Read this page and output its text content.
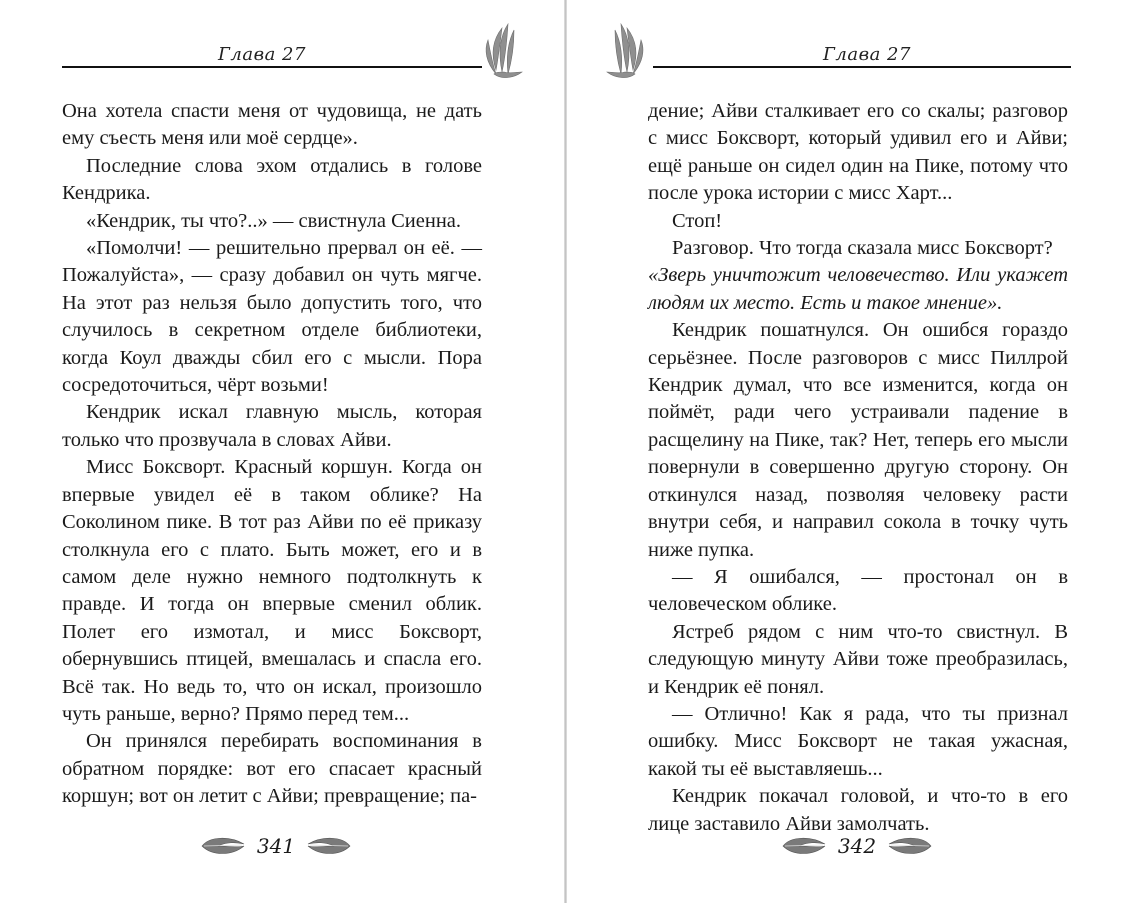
Глава 27

Она хотела спасти меня от чудовища, не дать ему съесть меня или моё сердце».

Последние слова эхом отдались в голове Кендрика.

«Кендрик, ты что?..» — свистнула Сиенна.

«Помолчи! — решительно прервал он её. — Пожалуйста», — сразу добавил он чуть мягче. На этот раз нельзя было допустить того, что случилось в секретном отделе библиотеки, когда Коул дважды сбил его с мысли. Пора сосредоточиться, чёрт возьми!

Кендрик искал главную мысль, которая только что прозвучала в словах Айви.

Мисс Боксворт. Красный коршун. Когда он впервые увидел её в таком облике? На Соколином пике. В тот раз Айви по её приказу столкнула его с плато. Быть может, его и в самом деле нужно немного подтолкнуть к правде. И тогда он впервые сменил облик. Полет его измотал, и мисс Боксворт, обернувшись птицей, вмешалась и спасла его. Всё так. Но ведь то, что он искал, произошло чуть раньше, верно? Прямо перед тем...

Он принялся перебирать воспоминания в обратном порядке: вот его спасает красный коршун; вот он летит с Айви; превращение; па-

341
Глава 27

дение; Айви сталкивает его со скалы; разговор с мисс Боксворт, который удивил его и Айви; ещё раньше он сидел один на Пике, потому что после урока истории с мисс Харт...

Стоп!

Разговор. Что тогда сказала мисс Боксворт?

«Зверь уничтожит человечество. Или укажет людям их место. Есть и такое мнение».

Кендрик пошатнулся. Он ошибся гораздо серьёзнее. После разговоров с мисс Пиллрой Кендрик думал, что все изменится, когда он поймёт, ради чего устраивали падение в расщелину на Пике, так? Нет, теперь его мысли повернули в совершенно другую сторону. Он откинулся назад, позволяя человеку расти внутри себя, и направил сокола в точку чуть ниже пупка.

— Я ошибался, — простонал он в человеческом облике.

Ястреб рядом с ним что-то свистнул. В следующую минуту Айви тоже преобразилась, и Кендрик её понял.

— Отлично! Как я рада, что ты признал ошибку. Мисс Боксворт не такая ужасная, какой ты её выставляешь...

Кендрик покачал головой, и что-то в его лице заставило Айви замолчать.

342
